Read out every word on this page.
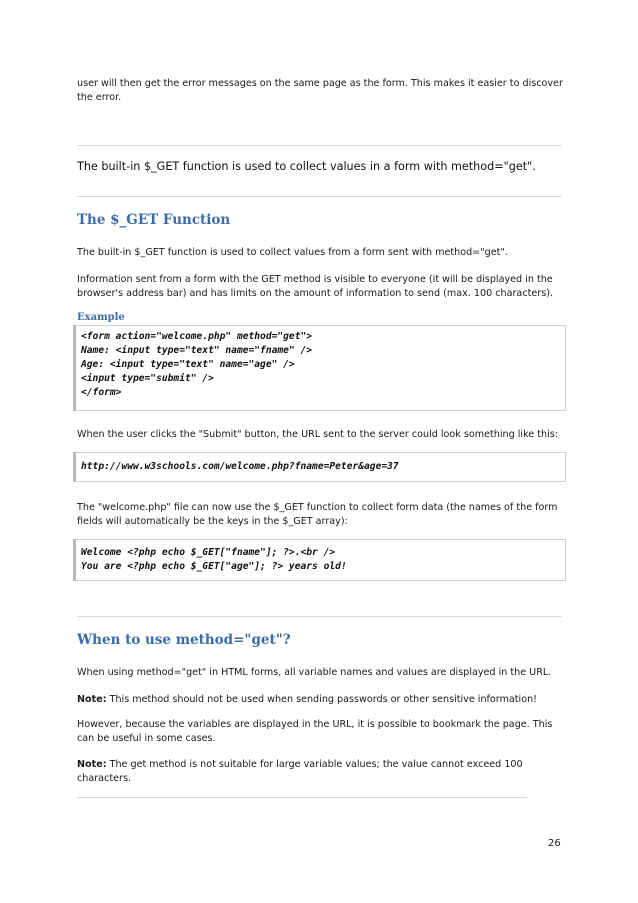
user will then get the error messages on the same page as the form. This makes it easier to discover the error.

The built-in $_GET function is used to collect values in a form with method="get".

The $_GET Function

The built-in $_GET function is used to collect values from a form sent with method="get".

Information sent from a form with the GET method is visible to everyone (it will be displayed in the browser's address bar) and has limits on the amount of information to send (max. 100 characters).

Example
<form action="welcome.php" method="get">
Name: <input type="text" name="fname" />
Age: <input type="text" name="age" />
<input type="submit" />
</form>

When the user clicks the "Submit" button, the URL sent to the server could look something like this:

http://www.w3schools.com/welcome.php?fname=Peter&age=37

The "welcome.php" file can now use the $_GET function to collect form data (the names of the form fields will automatically be the keys in the $_GET array):

Welcome <?php echo $_GET["fname"]; ?>.<br />
You are <?php echo $_GET["age"]; ?> years old!
When to use method="get"?

When using method="get" in HTML forms, all variable names and values are displayed in the URL.

Note: This method should not be used when sending passwords or other sensitive information!

However, because the variables are displayed in the URL, it is possible to bookmark the page. This can be useful in some cases.

Note: The get method is not suitable for large variable values; the value cannot exceed 100 characters.

26
